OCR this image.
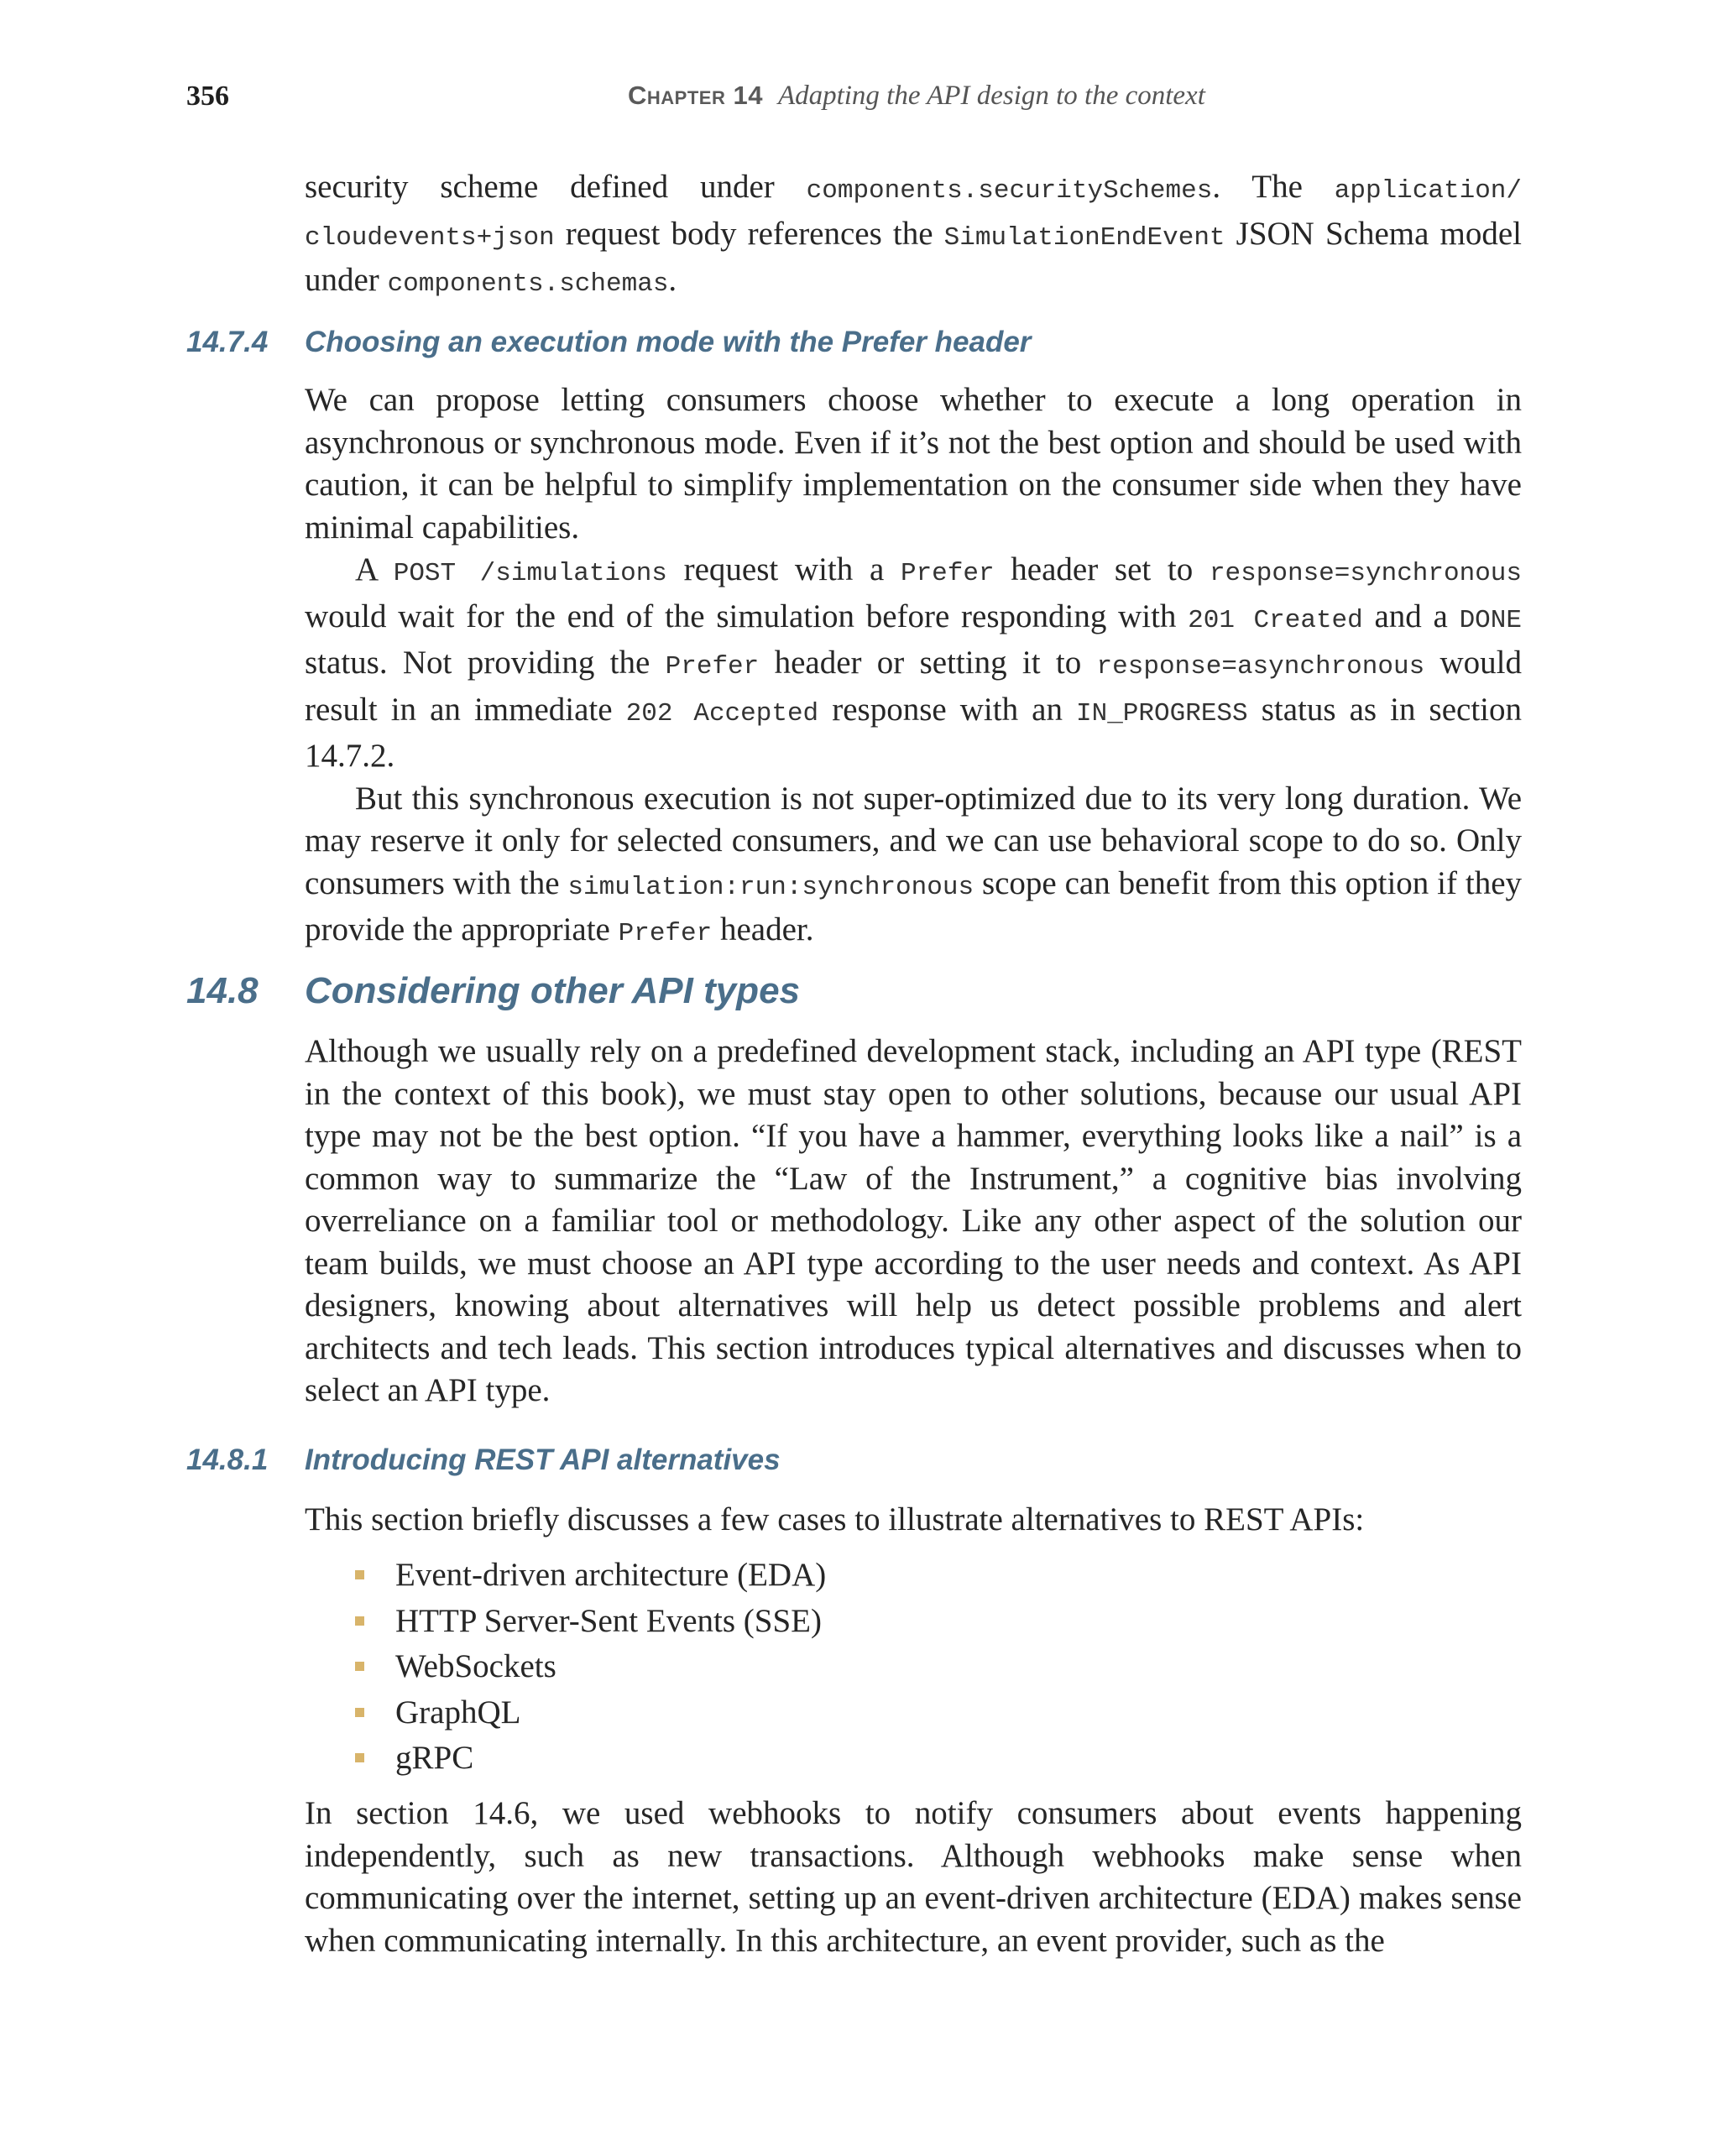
356	Chapter 14 Adapting the API design to the context

security scheme defined under components.securitySchemes. The application/ cloudevents+json request body references the SimulationEndEvent JSON Schema model under components.schemas.

14.7.4 Choosing an execution mode with the Prefer header

We can propose letting consumers choose whether to execute a long operation in asynchronous or synchronous mode. Even if it’s not the best option and should be used with caution, it can be helpful to simplify implementation on the consumer side when they have minimal capabilities.

A POST /simulations request with a Prefer header set to response=synchronous would wait for the end of the simulation before responding with 201 Created and a DONE status. Not providing the Prefer header or setting it to response=asynchronous would result in an immediate 202 Accepted response with an IN_PROGRESS status as in section 14.7.2.

But this synchronous execution is not super-optimized due to its very long duration. We may reserve it only for selected consumers, and we can use behavioral scope to do so. Only consumers with the simulation:run:synchronous scope can benefit from this option if they provide the appropriate Prefer header.

14.8 Considering other API types

Although we usually rely on a predefined development stack, including an API type (REST in the context of this book), we must stay open to other solutions, because our usual API type may not be the best option. “If you have a hammer, everything looks like a nail” is a common way to summarize the “Law of the Instrument,” a cognitive bias involving overreliance on a familiar tool or methodology. Like any other aspect of the solution our team builds, we must choose an API type according to the user needs and context. As API designers, knowing about alternatives will help us detect possible problems and alert architects and tech leads. This section introduces typical alternatives and discusses when to select an API type.

14.8.1 Introducing REST API alternatives

This section briefly discusses a few cases to illustrate alternatives to REST APIs:

Event-driven architecture (EDA)
HTTP Server-Sent Events (SSE)
WebSockets
GraphQL
gRPC

In section 14.6, we used webhooks to notify consumers about events happening independently, such as new transactions. Although webhooks make sense when communicating over the internet, setting up an event-driven architecture (EDA) makes sense when communicating internally. In this architecture, an event provider, such as the
